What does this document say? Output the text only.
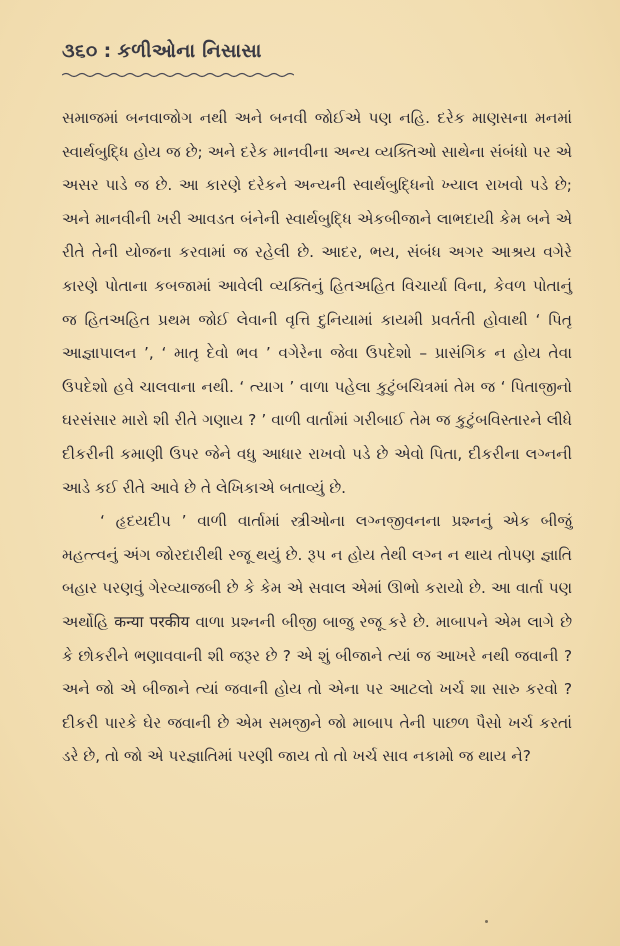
૩૬૦ : કળીઓના નિસાસા

સમાજમાં બનવાજોગ નથી અને બનવી જોઈએ પણ નહિ. દરેક માણસના મનમાં સ્વાર્થબુદ્ધિ હોય જ છે; અને દરેક માનવીના અન્ય વ્યક્તિઓ સાથેના સંબંધો પર એ અસર પાડે જ છે. આ કારણે દરેકને અન્યની સ્વાર્થબુદ્ધિનો ખ્યાલ રાખવો પડે છે; અને માનવીની ખરી આવડત બંનેની સ્વાર્થબુદ્ધિ એકબીજાને લાભદાયી કેમ બને એ રીતે તેની યોજના કરવામાં જ રહેલી છે. આદર, ભય, સંબંધ અગર આશ્રય વગેરે કારણે પોતાના કબજામાં આવેલી વ્યક્તિનું હિતઅહિત વિચાર્યા વિના, કેવળ પોતાનું જ હિતઅહિત પ્રથમ જોઈ લેવાની વૃત્તિ દુનિયામાં કાયમી પ્રવર્તતી હોવાથી ‘ પિતૃ આજ્ઞાપાલન ’, ‘ માતૃ દેવો ભવ ’ વગેરેના જેવા ઉપદેશો – પ્રાસંગિક ન હોય તેવા ઉપદેશો હવે ચાલવાના નથી. ‘ ત્યાગ ’ વાળા પહેલા કુટુંબચિત્રમાં તેમ જ ‘ પિતાજીનો ઘરસંસાર મારો શી રીતે ગણાય ? ’ વાળી વાર્તામાં ગરીબાઈ તેમ જ કુટુંબવિસ્તારને લીધે દીકરીની કમાણી ઉપર જેને વધુ આધાર રાખવો પડે છે એવો પિતા, દીકરીના લગ્નની આડે કઈ રીતે આવે છે તે લેખિકાએ બતાવ્યું છે.

‘ હૃદયદીપ ’ વાળી વાર્તામાં સ્ત્રીઓના લગ્નજીવનના પ્રશ્નનું એક બીજું મહત્ત્વનું અંગ જોરદારીથી રજૂ થયું છે. રૂપ ન હોય તેથી લગ્ન ન થાય તોપણ જ્ઞાતિ બહાર પરણવું ગેરવ્યાજબી છે કે કેમ એ સવાલ એમાં ઊભો કરાયો છે. આ વાર્તા પણ અર્થોહિ कन्या परकीय વાળા પ્રશ્નની બીજી બાજુ રજૂ કરે છે. માબાપને એમ લાગે છે કે છોકરીને ભણાવવાની શી જરૂર છે ? એ શું બીજાને ત્યાં જ આખરે નથી જવાની ? અને જો એ બીજાને ત્યાં જવાની હોય તો એના પર આટલો ખર્ચ શા સારુ કરવો ? દીકરી પારકે ઘેર જવાની છે એમ સમજીને જો માબાપ તેની પાછળ પૈસો ખર્ચ કરતાં ડરે છે, તો જો એ પરજ્ઞાતિમાં પરણી જાય તો તો ખર્ચ સાવ નકામો જ થાય ને?
